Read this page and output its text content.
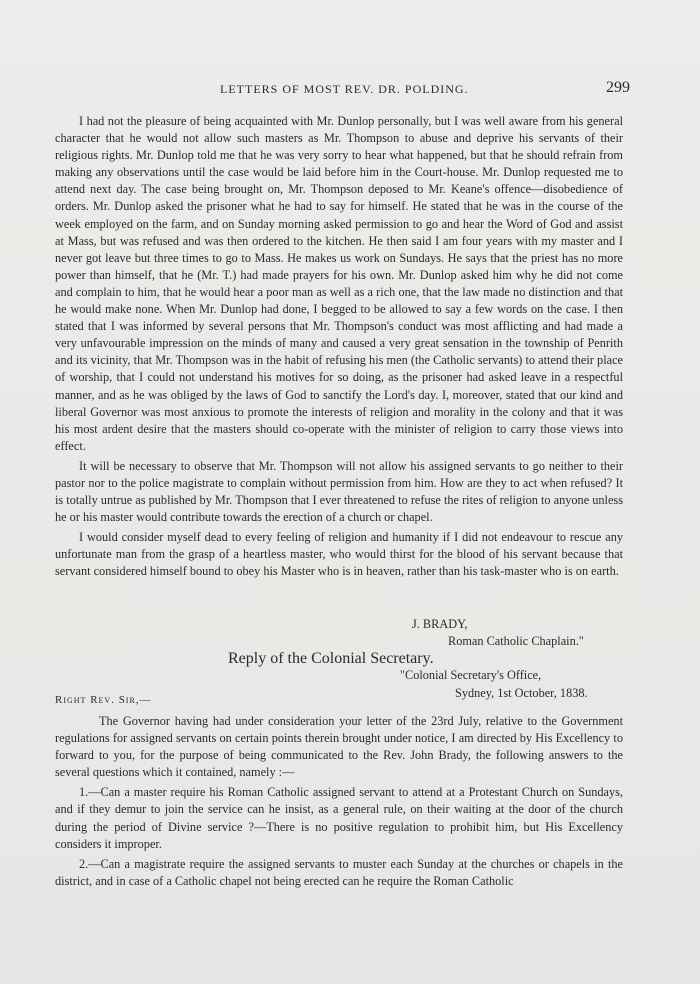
LETTERS OF MOST REV. DR. POLDING.	299

I had not the pleasure of being acquainted with Mr. Dunlop personally, but I was well aware from his general character that he would not allow such masters as Mr. Thompson to abuse and deprive his servants of their religious rights. Mr. Dunlop told me that he was very sorry to hear what happened, but that he should refrain from making any observations until the case would be laid before him in the Court-house. Mr. Dunlop requested me to attend next day. The case being brought on, Mr. Thompson deposed to Mr. Keane's offence—disobedience of orders. Mr. Dunlop asked the prisoner what he had to say for himself. He stated that he was in the course of the week employed on the farm, and on Sunday morning asked permission to go and hear the Word of God and assist at Mass, but was refused and was then ordered to the kitchen. He then said I am four years with my master and I never got leave but three times to go to Mass. He makes us work on Sundays. He says that the priest has no more power than himself, that he (Mr. T.) had made prayers for his own. Mr. Dunlop asked him why he did not come and complain to him, that he would hear a poor man as well as a rich one, that the law made no distinction and that he would make none. When Mr. Dunlop had done, I begged to be allowed to say a few words on the case. I then stated that I was informed by several persons that Mr. Thompson's conduct was most afflicting and had made a very unfavourable impression on the minds of many and caused a very great sensation in the township of Penrith and its vicinity, that Mr. Thompson was in the habit of refusing his men (the Catholic servants) to attend their place of worship, that I could not understand his motives for so doing, as the prisoner had asked leave in a respectful manner, and as he was obliged by the laws of God to sanctify the Lord's day. I, moreover, stated that our kind and liberal Governor was most anxious to promote the interests of religion and morality in the colony and that it was his most ardent desire that the masters should co-operate with the minister of religion to carry those views into effect.

It will be necessary to observe that Mr. Thompson will not allow his assigned servants to go neither to their pastor nor to the police magistrate to complain without permission from him. How are they to act when refused? It is totally untrue as published by Mr. Thompson that I ever threatened to refuse the rites of religion to anyone unless he or his master would contribute towards the erection of a church or chapel.

I would consider myself dead to every feeling of religion and humanity if I did not endeavour to rescue any unfortunate man from the grasp of a heartless master, who would thirst for the blood of his servant because that servant considered himself bound to obey his Master who is in heaven, rather than his task-master who is on earth.

J. BRADY,
Roman Catholic Chaplain."
Reply of the Colonial Secretary.
"Colonial Secretary's Office,
Sydney, 1st October, 1838.
Right Rev. Sir,—

The Governor having had under consideration your letter of the 23rd July, relative to the Government regulations for assigned servants on certain points therein brought under notice, I am directed by His Excellency to forward to you, for the purpose of being communicated to the Rev. John Brady, the following answers to the several questions which it contained, namely :—

1.—Can a master require his Roman Catholic assigned servant to attend at a Protestant Church on Sundays, and if they demur to join the service can he insist, as a general rule, on their waiting at the door of the church during the period of Divine service ?—There is no positive regulation to prohibit him, but His Excellency considers it improper.

2.—Can a magistrate require the assigned servants to muster each Sunday at the churches or chapels in the district, and in case of a Catholic chapel not being erected can he require the Roman Catholic
